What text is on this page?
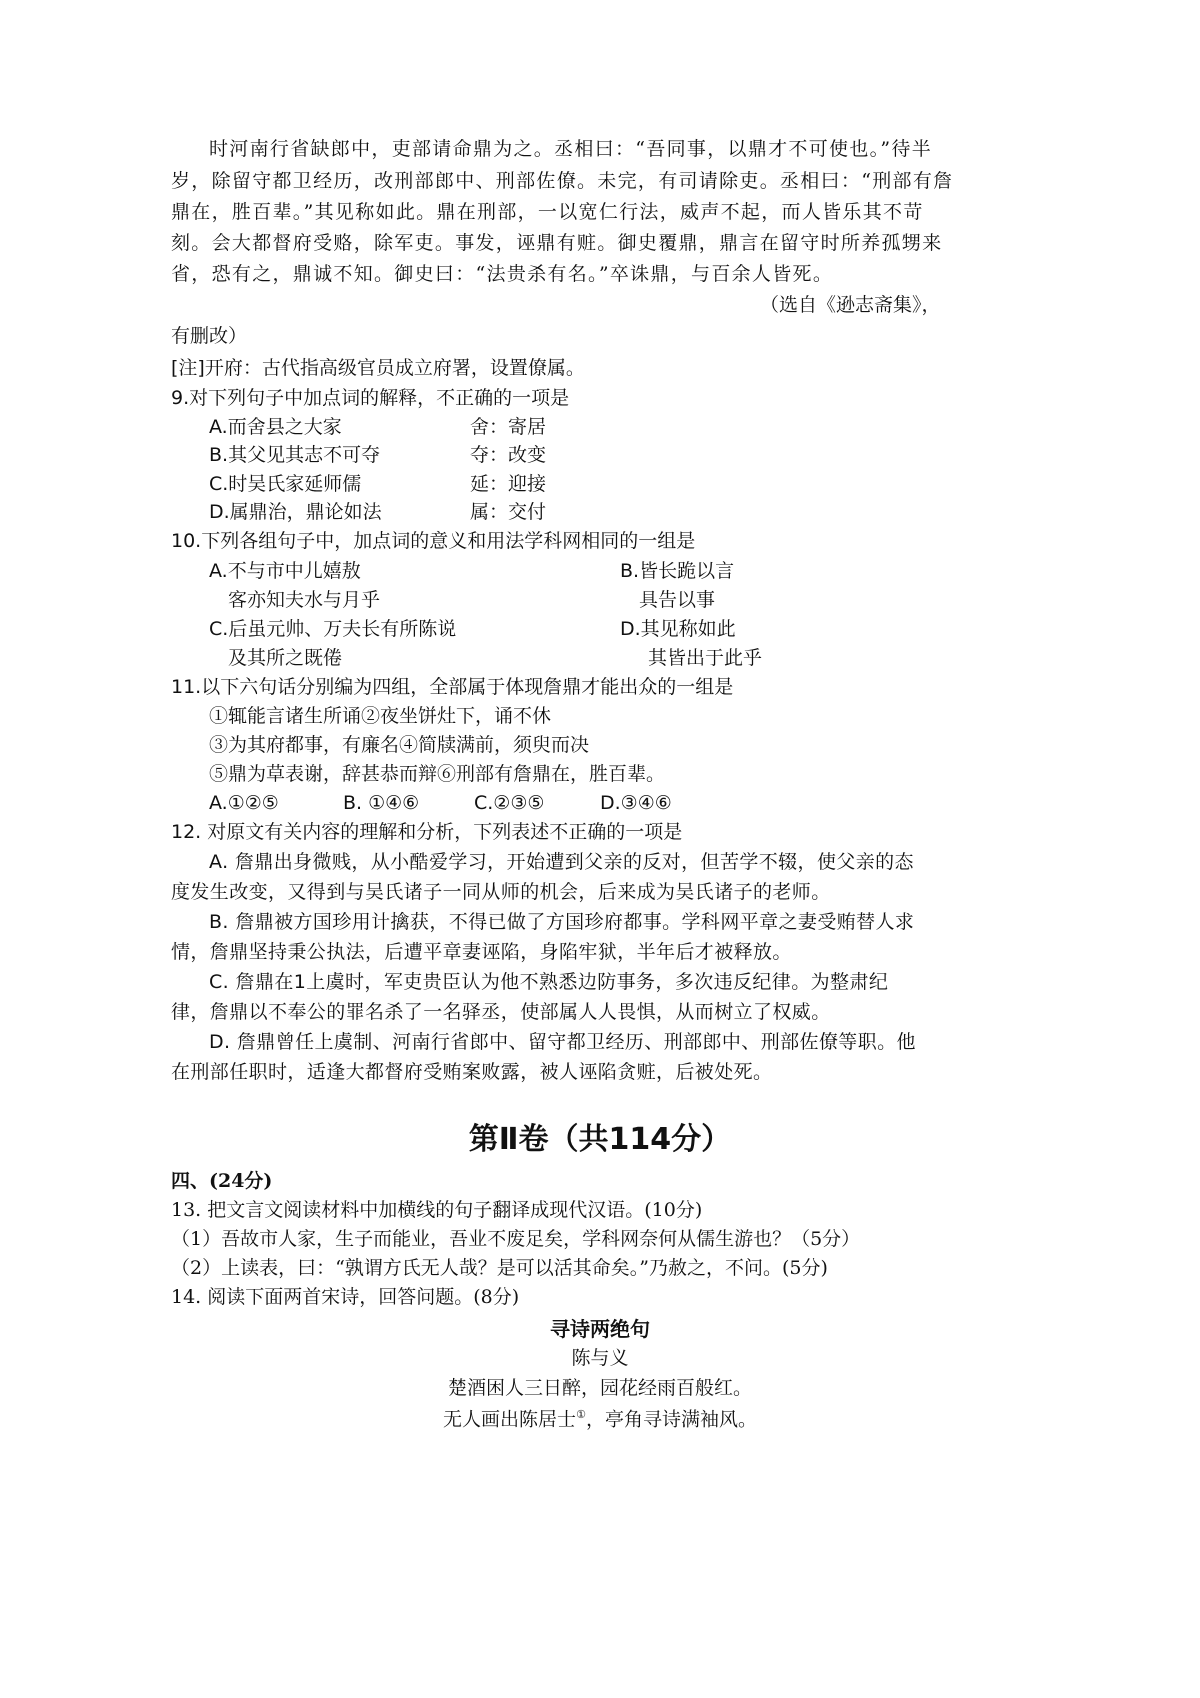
时河南行省缺郎中，吏部请命鼎为之。丞相曰：“吾同事，以鼎才不可使也。”待半
岁，除留守都卫经历，改刑部郎中、刑部佐僚。未完，有司请除吏。丞相曰：“刑部有詹
鼎在，胜百辈。”其见称如此。鼎在刑部，一以宽仁行法，威声不起，而人皆乐其不苛
刻。会大都督府受赂，除军吏。事发，诬鼎有赃。御史覆鼎，鼎言在留守时所养孤甥来
省，恐有之，鼎诚不知。御史曰：“法贵杀有名。”卒诛鼎，与百余人皆死。
（选自《逊志斋集》，
有删改）
[注]开府：古代指高级官员成立府署，设置僚属。
9.对下列句子中加点词的解释，不正确的一项是
A.而舍县之大家	舍：寄居
B.其父见其志不可夺	夺：改变
C.时吴氏家延师儒	延：迎接
D.属鼎治，鼎论如法	属：交付
10.下列各组句子中，加点词的意义和用法学科网相同的一组是
A.不与市中儿嬉敖
客亦知夫水与月乎
B.皆长跪以言
具告以事
C.后虽元帅、万夫长有所陈说
及其所之既倦
D.其见称如此
其皆出于此乎
11.以下六句话分别编为四组，全部属于体现詹鼎才能出众的一组是
①辄能言诸生所诵②夜坐饼灶下，诵不休
③为其府都事，有廉名④简牍满前，须臾而决
⑤鼎为草表谢，辞甚恭而辩⑥刑部有詹鼎在，胜百辈。
A.①②⑤	B. ①④⑥	C.②③⑤	D.③④⑥
12. 对原文有关内容的理解和分析，下列表述不正确的一项是
A. 詹鼎出身微贱，从小酷爱学习，开始遭到父亲的反对，但苦学不辍，使父亲的态
度发生改变，又得到与吴氏诸子一同从师的机会，后来成为吴氏诸子的老师。
B. 詹鼎被方国珍用计擒获，不得已做了方国珍府都事。学科网平章之妻受贿替人求
情，詹鼎坚持秉公执法，后遭平章妻诬陷，身陷牢狱，半年后才被释放。
C. 詹鼎在1上虞时，军吏贵臣认为他不熟悉边防事务，多次违反纪律。为整肃纪
律，詹鼎以不奉公的罪名杀了一名驿丞，使部属人人畏惧，从而树立了权威。
D. 詹鼎曾任上虞制、河南行省郎中、留守都卫经历、刑部郎中、刑部佐僚等职。他
在刑部任职时，适逢大都督府受贿案败露，被人诬陷贪赃，后被处死。
第Ⅱ卷（共114分）
四、(24分)
13. 把文言文阅读材料中加横线的句子翻译成现代汉语。(10分)
（1）吾故市人家，生子而能业，吾业不废足矣，学科网奈何从儒生游也？（5分）
（2）上读表，曰：“孰谓方氏无人哉？是可以活其命矣。”乃赦之，不问。(5分)
14. 阅读下面两首宋诗，回答问题。(8分)
寻诗两绝句
陈与义
楚酒困人三日醉，园花经雨百般红。
无人画出陈居士①，亭角寻诗满袖风。
